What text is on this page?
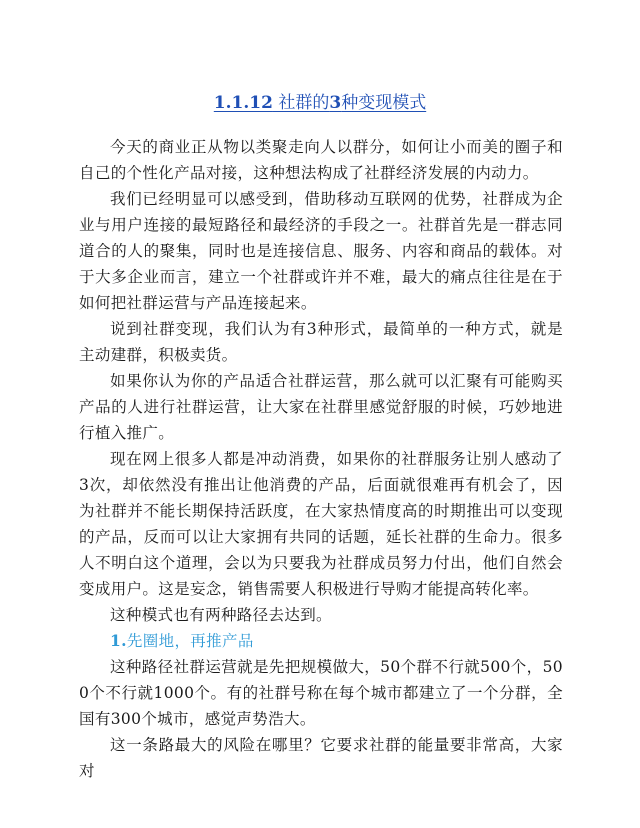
1.1.12 社群的3种变现模式

今天的商业正从物以类聚走向人以群分，如何让小而美的圈子和自己的个性化产品对接，这种想法构成了社群经济发展的内动力。

我们已经明显可以感受到，借助移动互联网的优势，社群成为企业与用户连接的最短路径和最经济的手段之一。社群首先是一群志同道合的人的聚集，同时也是连接信息、服务、内容和商品的载体。对于大多企业而言，建立一个社群或许并不难，最大的痛点往往是在于如何把社群运营与产品连接起来。

说到社群变现，我们认为有3种形式，最简单的一种方式，就是主动建群，积极卖货。

如果你认为你的产品适合社群运营，那么就可以汇聚有可能购买产品的人进行社群运营，让大家在社群里感觉舒服的时候，巧妙地进行植入推广。

现在网上很多人都是冲动消费，如果你的社群服务让别人感动了3次，却依然没有推出让他消费的产品，后面就很难再有机会了，因为社群并不能长期保持活跃度，在大家热情度高的时期推出可以变现的产品，反而可以让大家拥有共同的话题，延长社群的生命力。很多人不明白这个道理，会以为只要我为社群成员努力付出，他们自然会变成用户。这是妄念，销售需要人积极进行导购才能提高转化率。

这种模式也有两种路径去达到。

1.先圈地，再推产品

这种路径社群运营就是先把规模做大，50个群不行就500个，500个不行就1000个。有的社群号称在每个城市都建立了一个分群，全国有300个城市，感觉声势浩大。

这一条路最大的风险在哪里？它要求社群的能量要非常高，大家对
